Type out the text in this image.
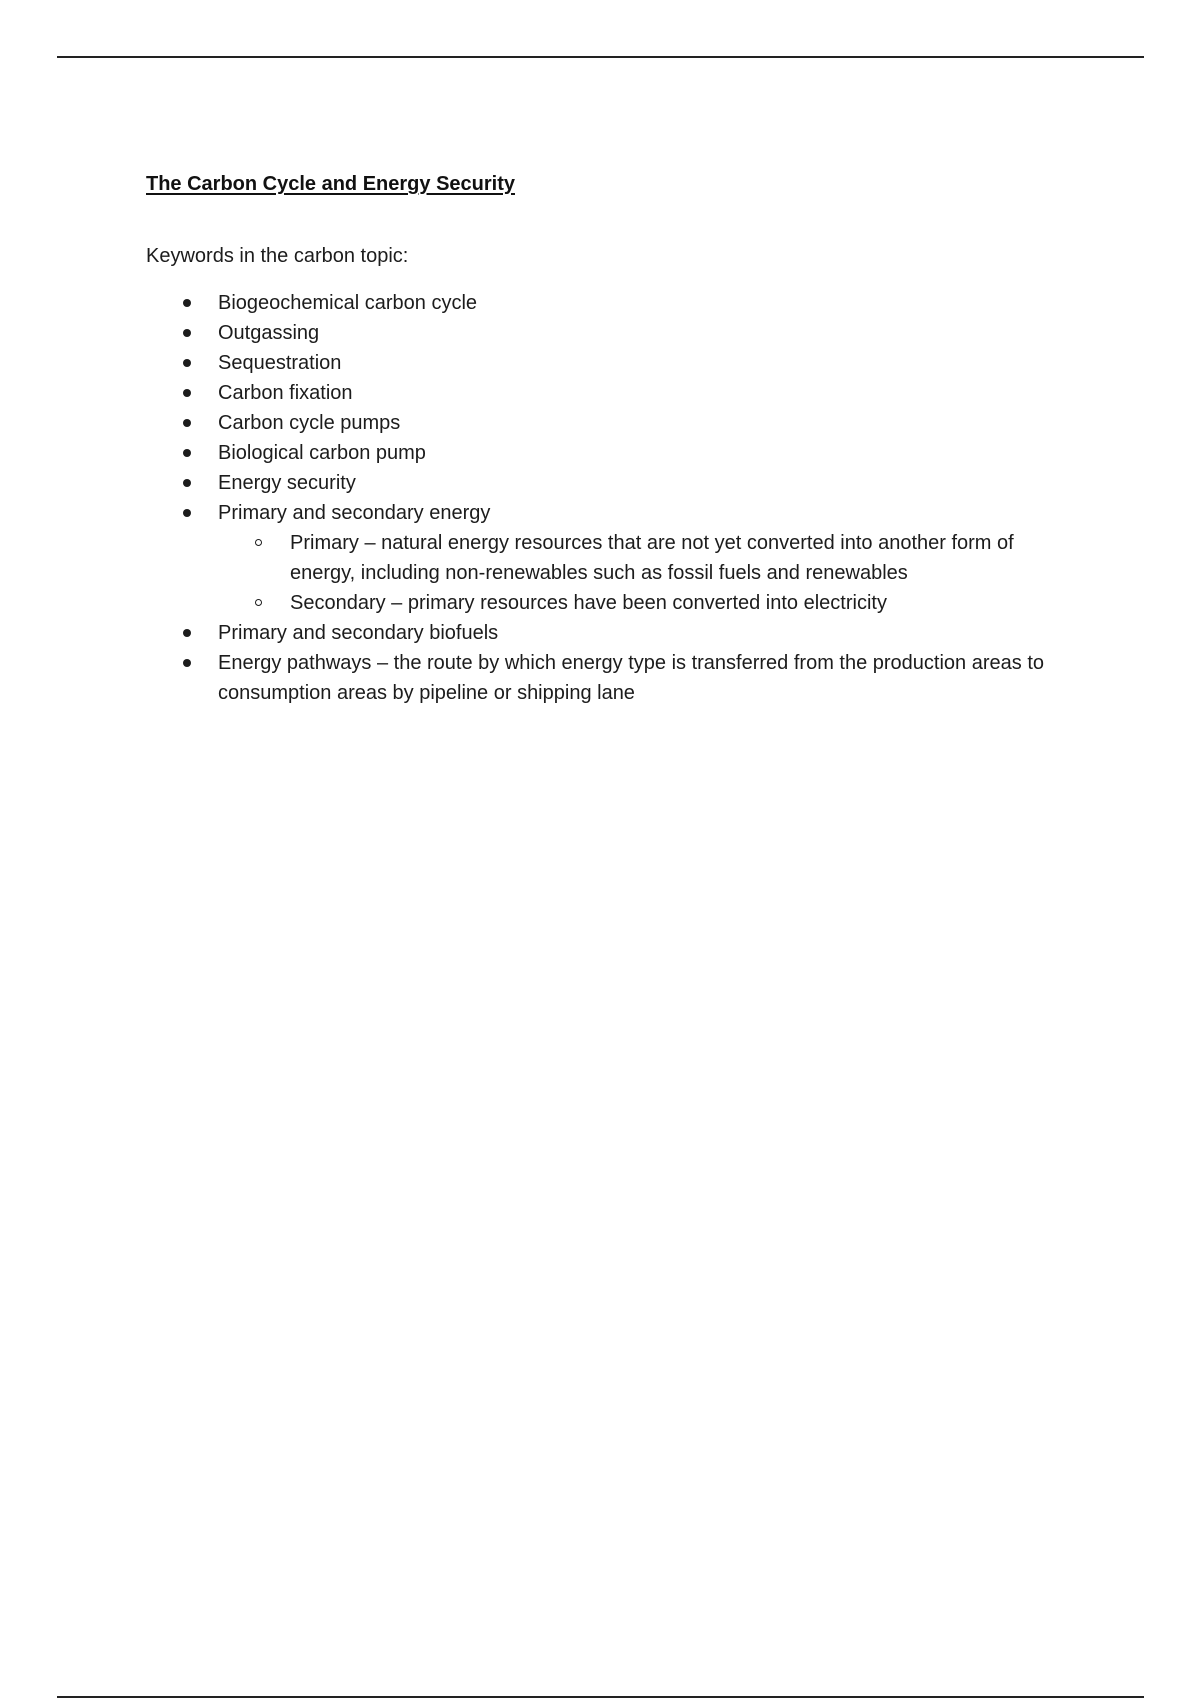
The Carbon Cycle and Energy Security

Keywords in the carbon topic:

Biogeochemical carbon cycle
Outgassing
Sequestration
Carbon fixation
Carbon cycle pumps
Biological carbon pump
Energy security
Primary and secondary energy
Primary – natural energy resources that are not yet converted into another form of energy, including non-renewables such as fossil fuels and renewables
Secondary – primary resources have been converted into electricity
Primary and secondary biofuels
Energy pathways – the route by which energy type is transferred from the production areas to consumption areas by pipeline or shipping lane
